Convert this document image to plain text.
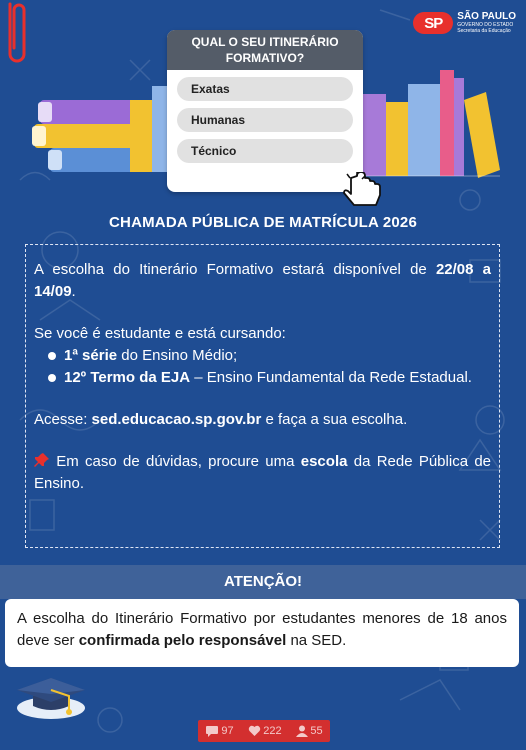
SP	SÃO PAULO
GOVERNO DO ESTADO
Secretaria da Educação
QUAL O SEU ITINERÁRIO FORMATIVO?
Exatas
Humanas
Técnico
CHAMADA PÚBLICA DE MATRÍCULA 2026

A escolha do Itinerário Formativo estará disponível de 22/08 a 14/09.

Se você é estudante e está cursando:

1ª série do Ensino Médio;
12º Termo da EJA – Ensino Fundamental da Rede Estadual.

Acesse: sed.educacao.sp.gov.br e faça a sua escolha.

Em caso de dúvidas, procure uma escola da Rede Pública de Ensino.

ATENÇÃO!
A escolha do Itinerário Formativo por estudantes menores de 18 anos deve ser confirmada pelo responsável na SED.
97	222	55
